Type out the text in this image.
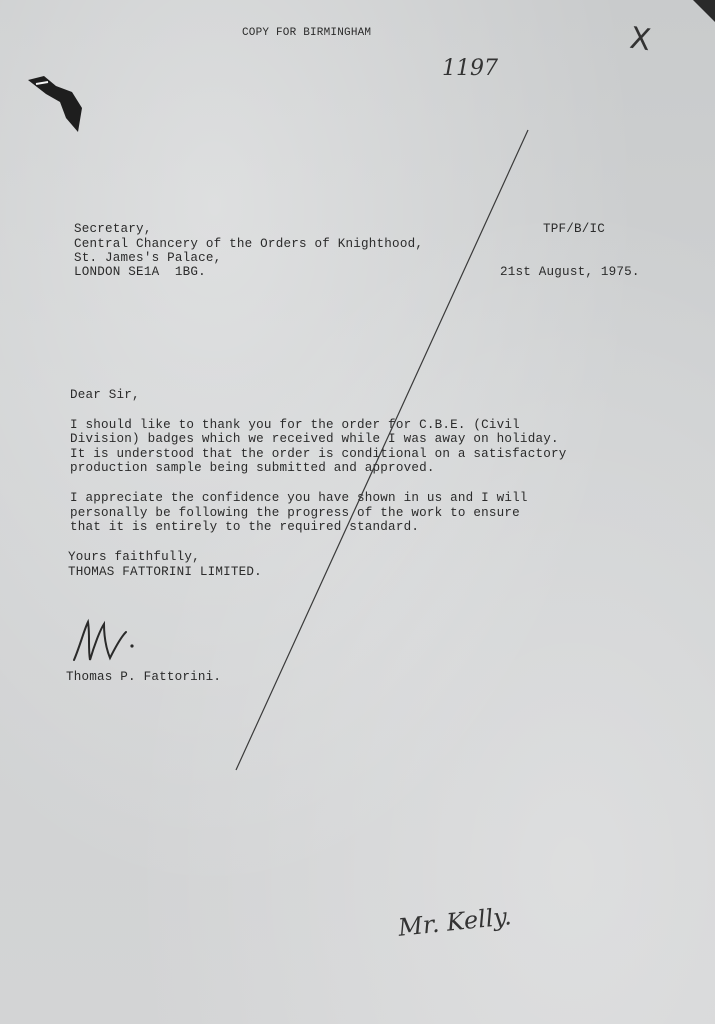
COPY FOR BIRMINGHAM
1197
X
Secretary,
Central Chancery of the Orders of Knighthood,
St. James's Palace,
LONDON SE1A  1BG.
TPF/B/IC
21st August, 1975.
Dear Sir,
I should like to thank you for the order for C.B.E. (Civil
Division) badges which we received while I was away on holiday.
It is understood that the order is conditional on a satisfactory
production sample being submitted and approved.
I appreciate the confidence you have shown in us and I will
personally be following the progress of the work to ensure
that it is entirely to the required standard.
Yours faithfully,
THOMAS FATTORINI LIMITED.
Thomas P. Fattorini.
Mr. Kelly.
